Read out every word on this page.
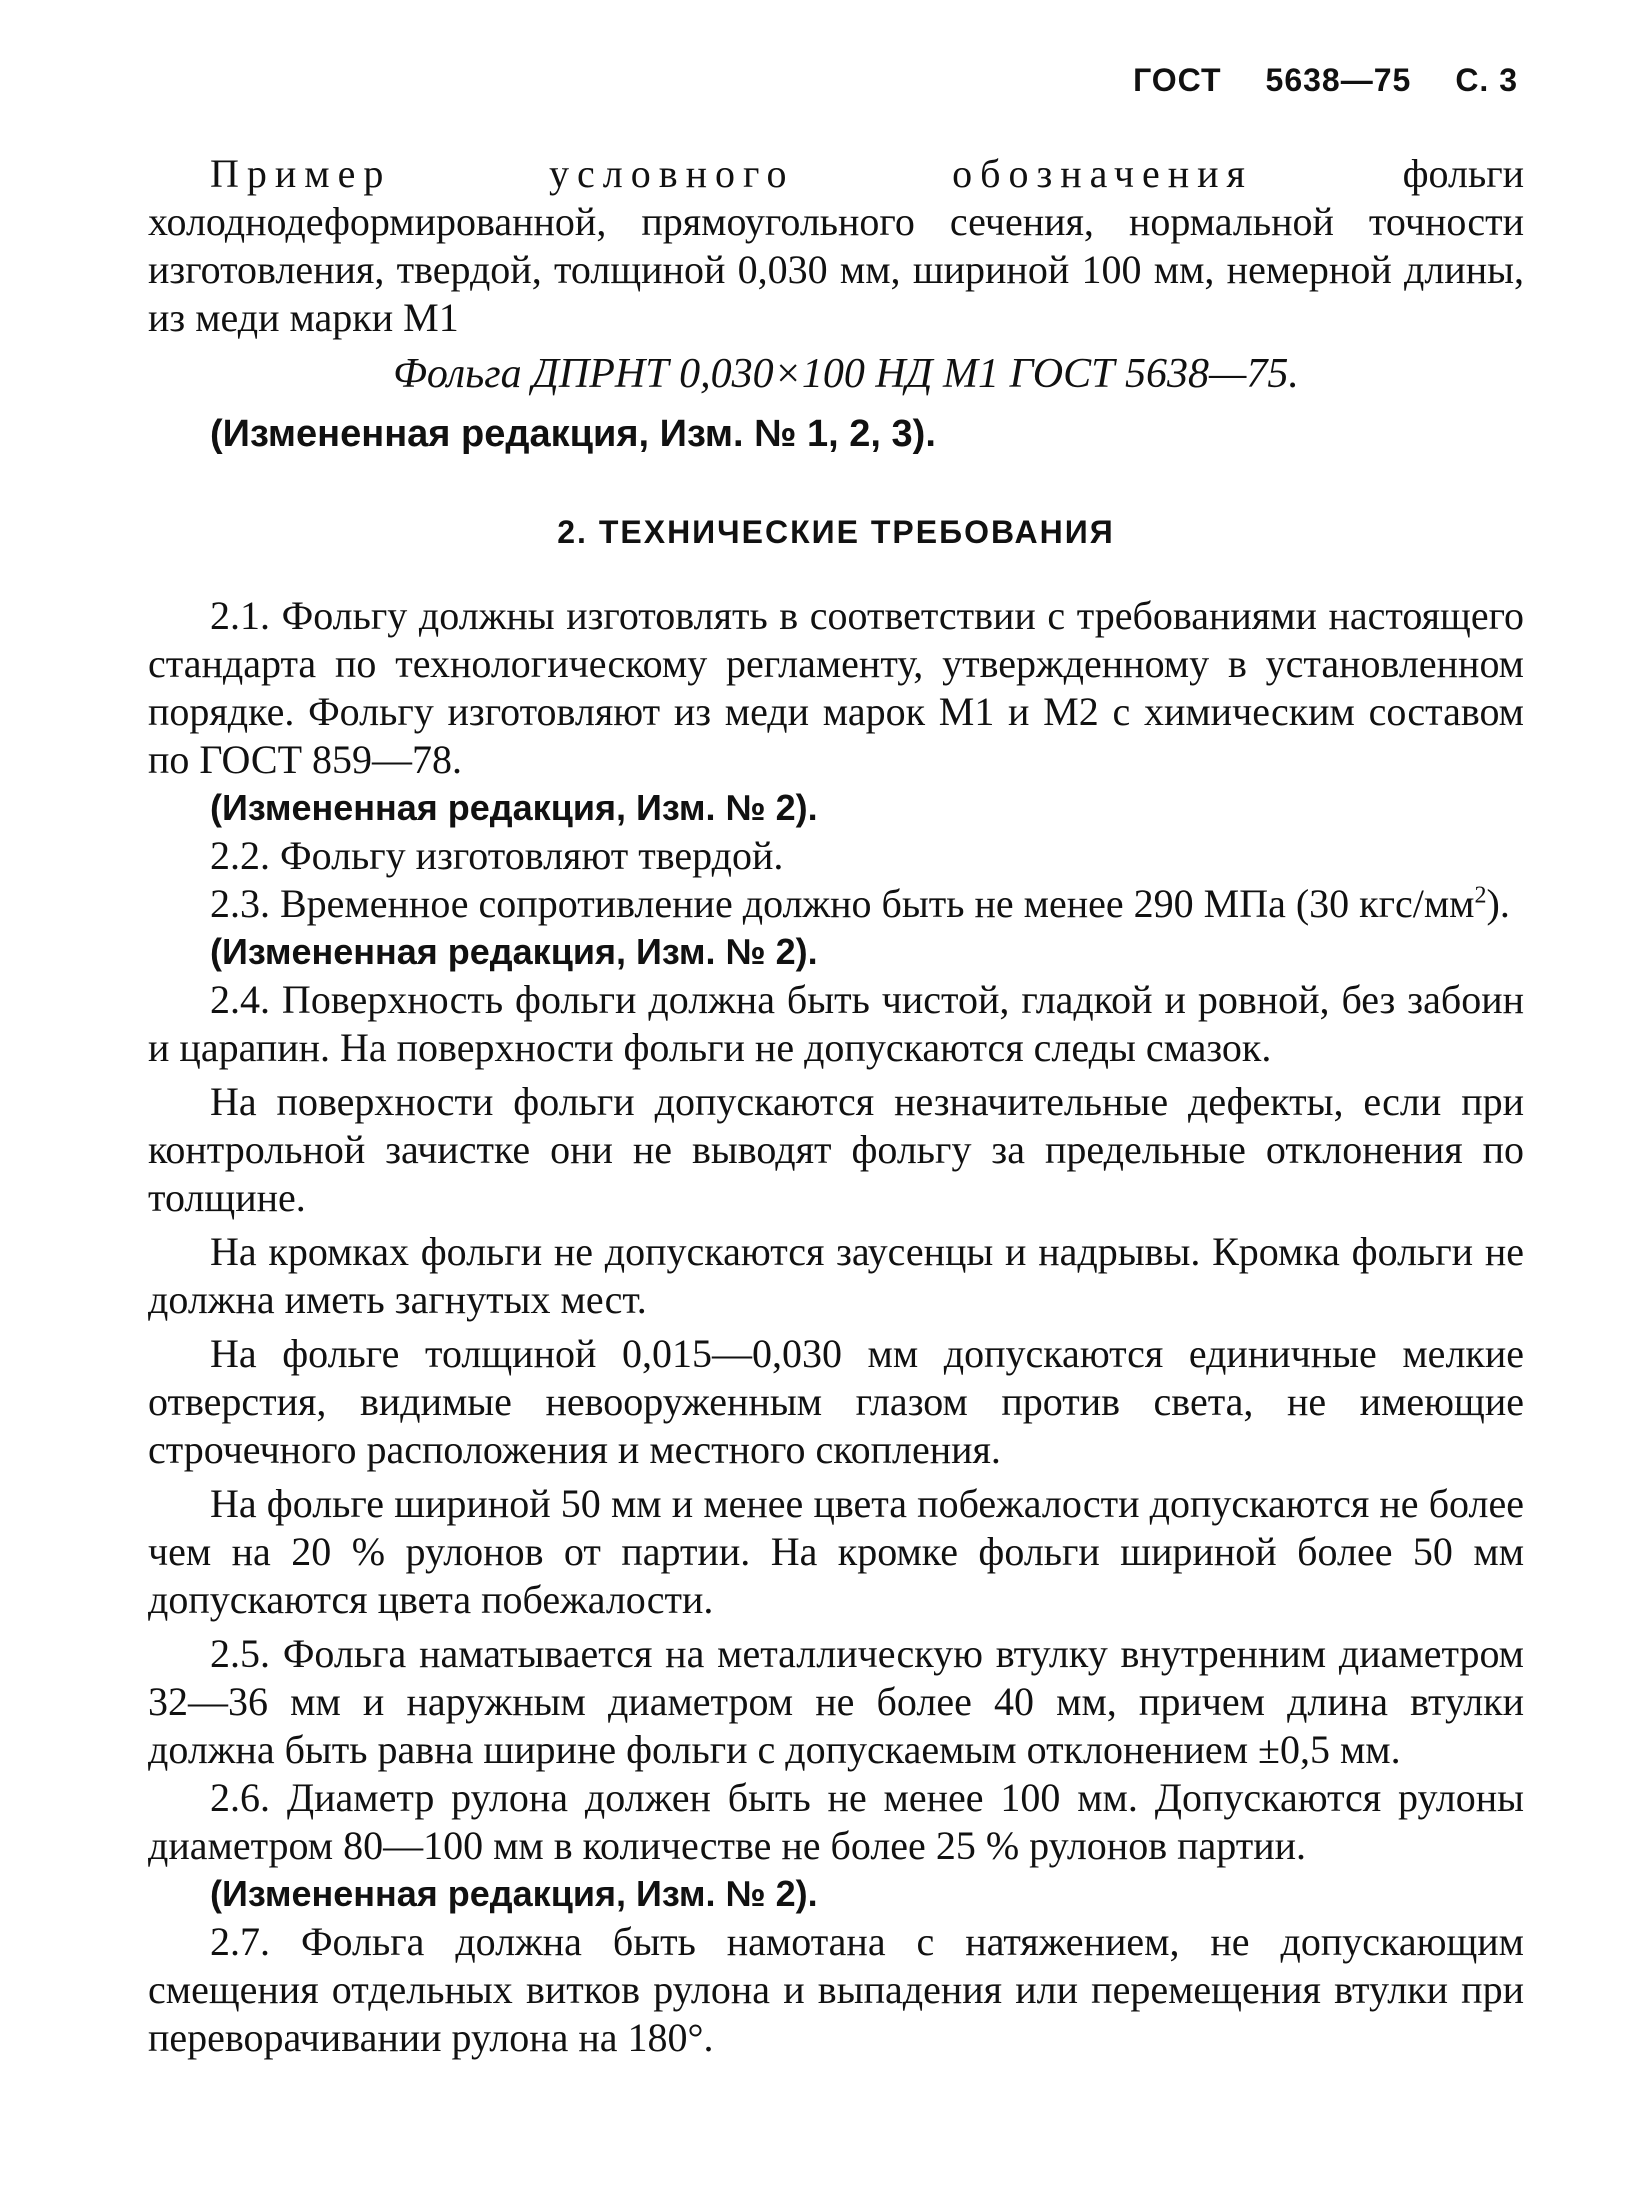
ГОСТ 5638—75 С. 3

Пример условного обозначения фольги холоднодеформированной, прямоугольного сечения, нормальной точности изготовления, твердой, толщиной 0,030 мм, шириной 100 мм, немерной длины, из меди марки М1

Фольга ДПРНТ 0,030×100 НД М1 ГОСТ 5638—75.

(Измененная редакция, Изм. № 1, 2, 3).

2. ТЕХНИЧЕСКИЕ ТРЕБОВАНИЯ

2.1. Фольгу должны изготовлять в соответствии с требованиями настоящего стандарта по технологическому регламенту, утвержденному в установленном порядке. Фольгу изготовляют из меди марок М1 и М2 с химическим составом по ГОСТ 859—78.

(Измененная редакция, Изм. № 2).

2.2. Фольгу изготовляют твердой.

2.3. Временное сопротивление должно быть не менее 290 МПа (30 кгс/$мм^2$).

(Измененная редакция, Изм. № 2).

2.4. Поверхность фольги должна быть чистой, гладкой и ровной, без забоин и царапин. На поверхности фольги не допускаются следы смазок.

На поверхности фольги допускаются незначительные дефекты, если при контрольной зачистке они не выводят фольгу за предельные отклонения по толщине.

На кромках фольги не допускаются заусенцы и надрывы. Кромка фольги не должна иметь загнутых мест.

На фольге толщиной 0,015—0,030 мм допускаются единичные мелкие отверстия, видимые невооруженным глазом против света, не имеющие строчечного расположения и местного скопления.

На фольге шириной 50 мм и менее цвета побежалости допускаются не более чем на 20 % рулонов от партии. На кромке фольги шириной более 50 мм допускаются цвета побежалости.

2.5. Фольга наматывается на металлическую втулку внутренним диаметром 32—36 мм и наружным диаметром не более 40 мм, причем длина втулки должна быть равна ширине фольги с допускаемым отклонением ±0,5 мм.

2.6. Диаметр рулона должен быть не менее 100 мм. Допускаются рулоны диаметром 80—100 мм в количестве не более 25 % рулонов партии.

(Измененная редакция, Изм. № 2).

2.7. Фольга должна быть намотана с натяжением, не допускающим смещения отдельных витков рулона и выпадения или перемещения втулки при переворачивании рулона на 180°.
